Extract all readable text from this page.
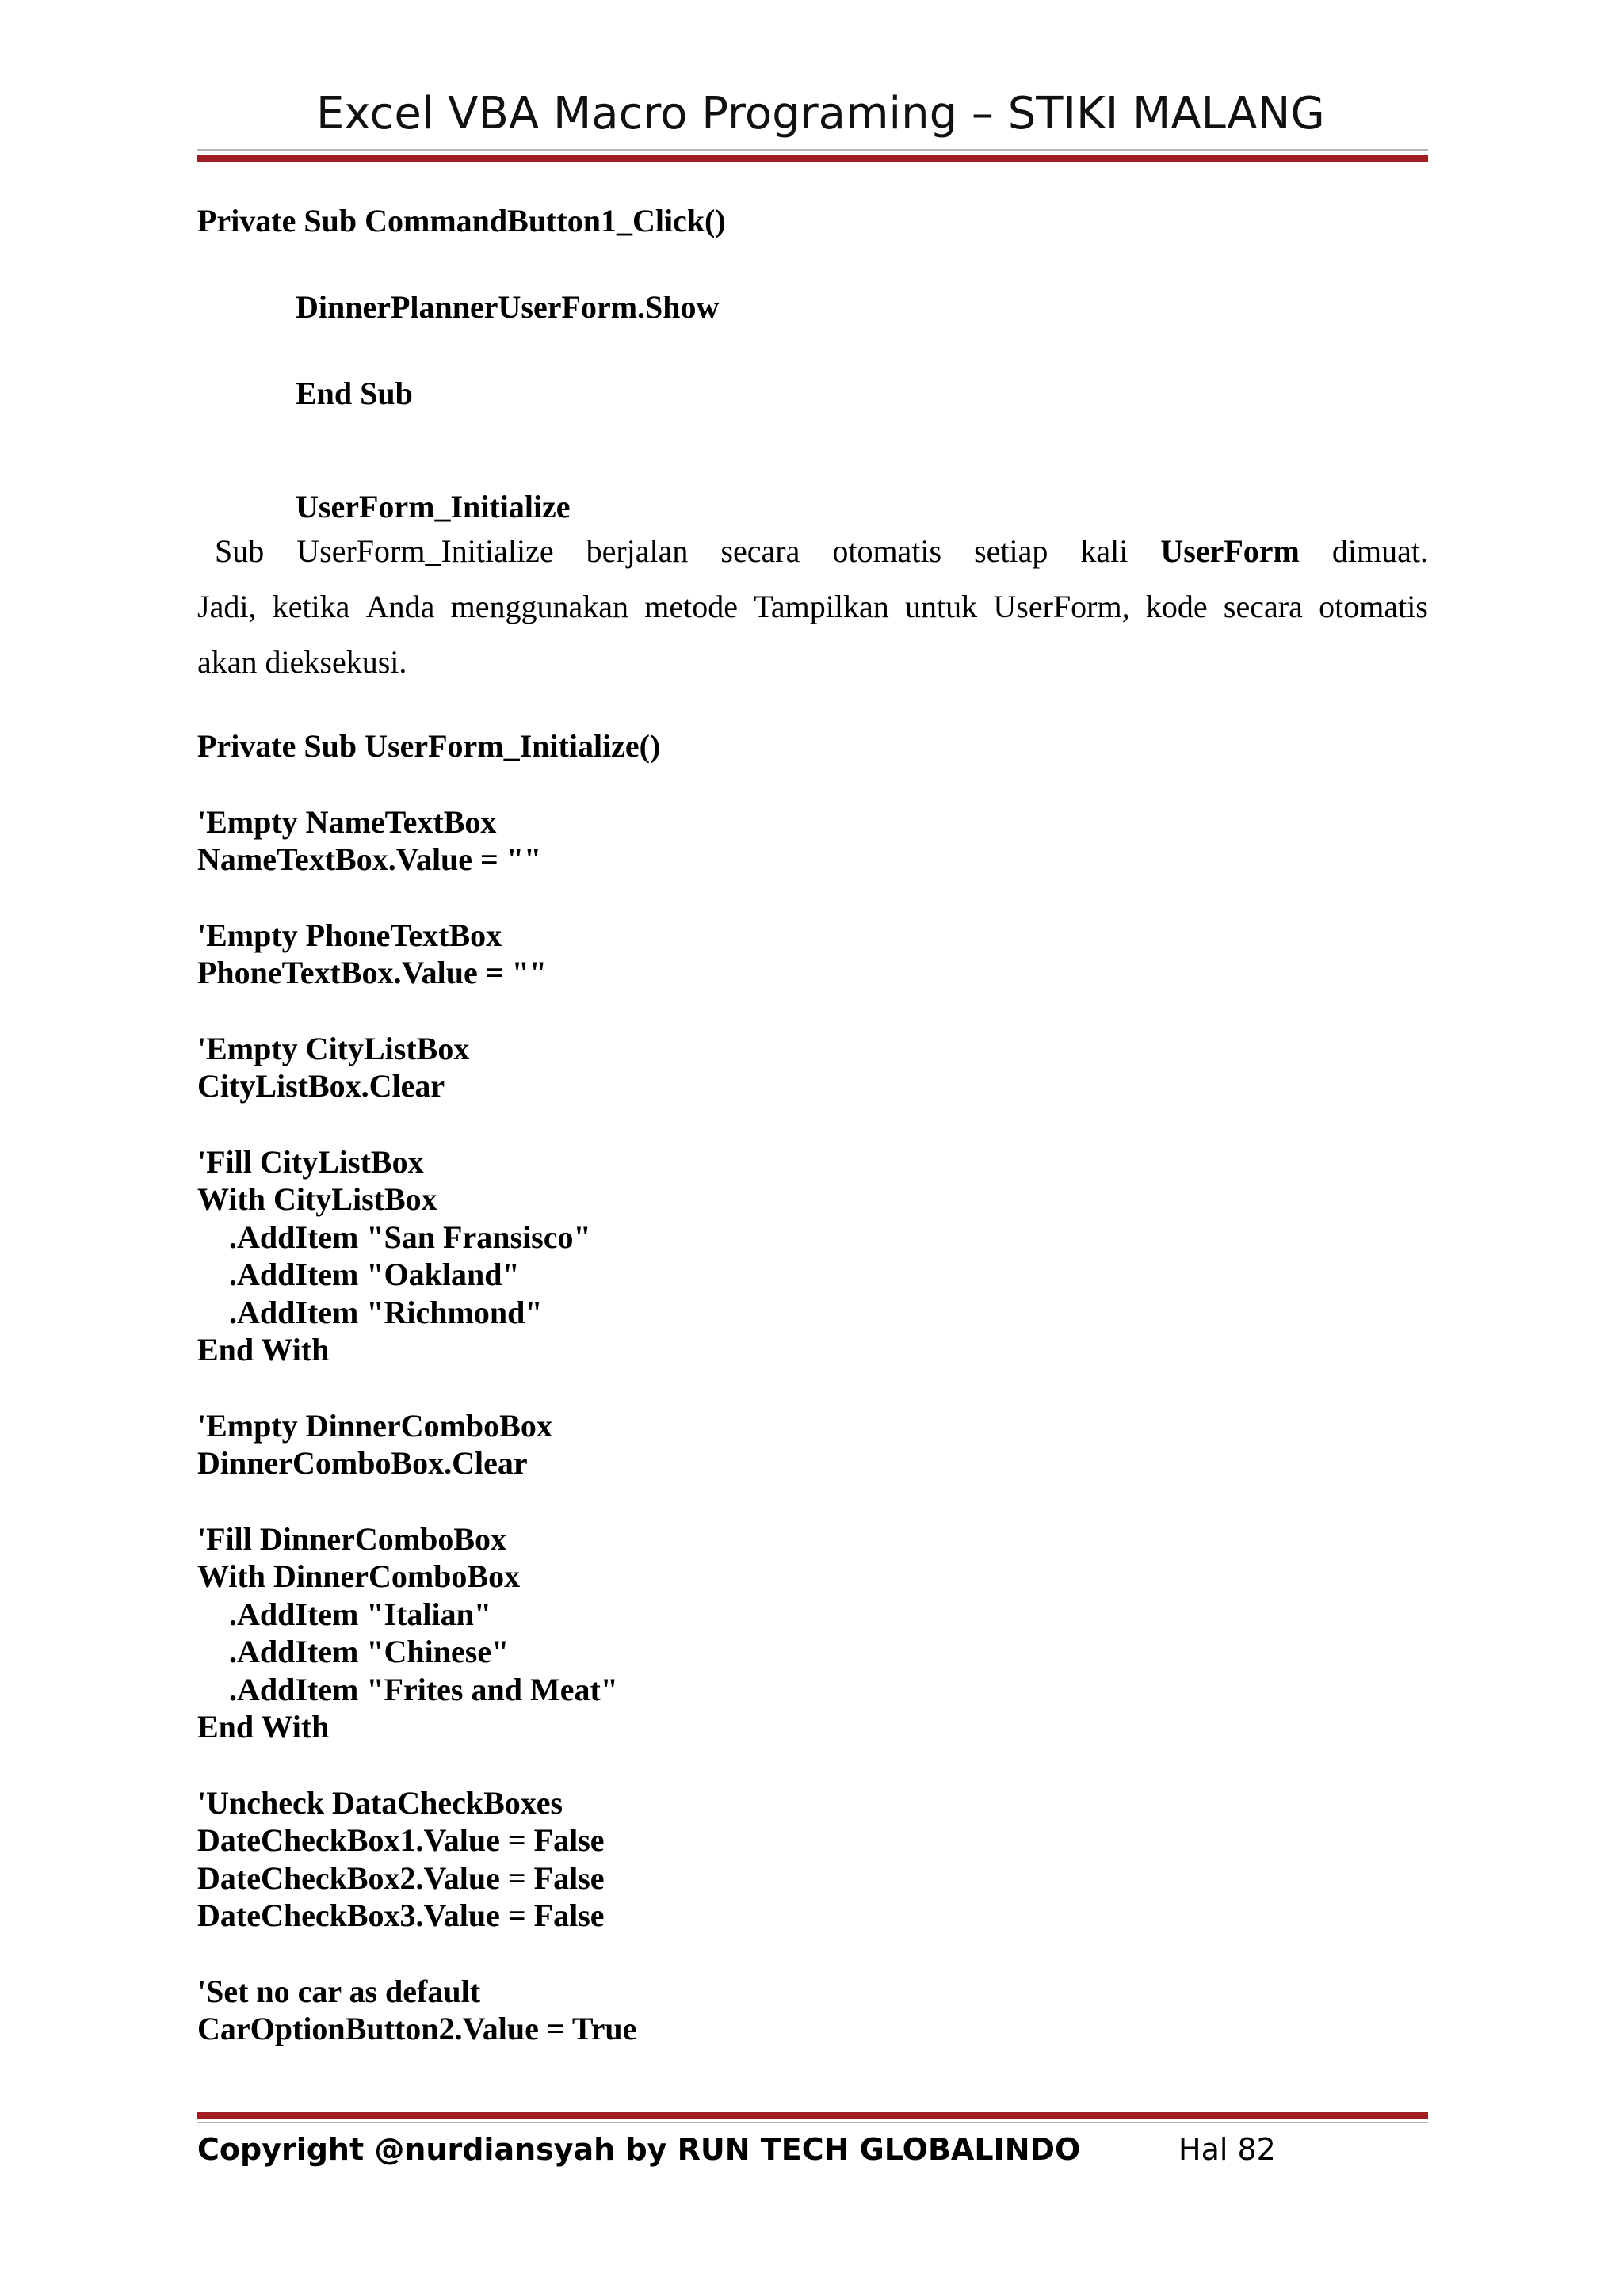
Excel VBA Macro Programing – STIKI MALANG
Private Sub CommandButton1_Click()
DinnerPlannerUserForm.Show
End Sub
UserForm_Initialize
Sub UserForm_Initialize berjalan secara otomatis setiap kali UserForm dimuat.
Jadi, ketika Anda menggunakan metode Tampilkan untuk UserForm, kode secara otomatis
akan dieksekusi.
Private Sub UserForm_Initialize()
'Empty NameTextBox
NameTextBox.Value = ""
'Empty PhoneTextBox
PhoneTextBox.Value = ""
'Empty CityListBox
CityListBox.Clear
'Fill CityListBox
With CityListBox
.AddItem "San Fransisco"
.AddItem "Oakland"
.AddItem "Richmond"
End With
'Empty DinnerComboBox
DinnerComboBox.Clear
'Fill DinnerComboBox
With DinnerComboBox
.AddItem "Italian"
.AddItem "Chinese"
.AddItem "Frites and Meat"
End With
'Uncheck DataCheckBoxes
DateCheckBox1.Value = False
DateCheckBox2.Value = False
DateCheckBox3.Value = False
'Set no car as default
CarOptionButton2.Value = True
Copyright @nurdiansyah by RUN TECH GLOBALINDO	Hal 82
